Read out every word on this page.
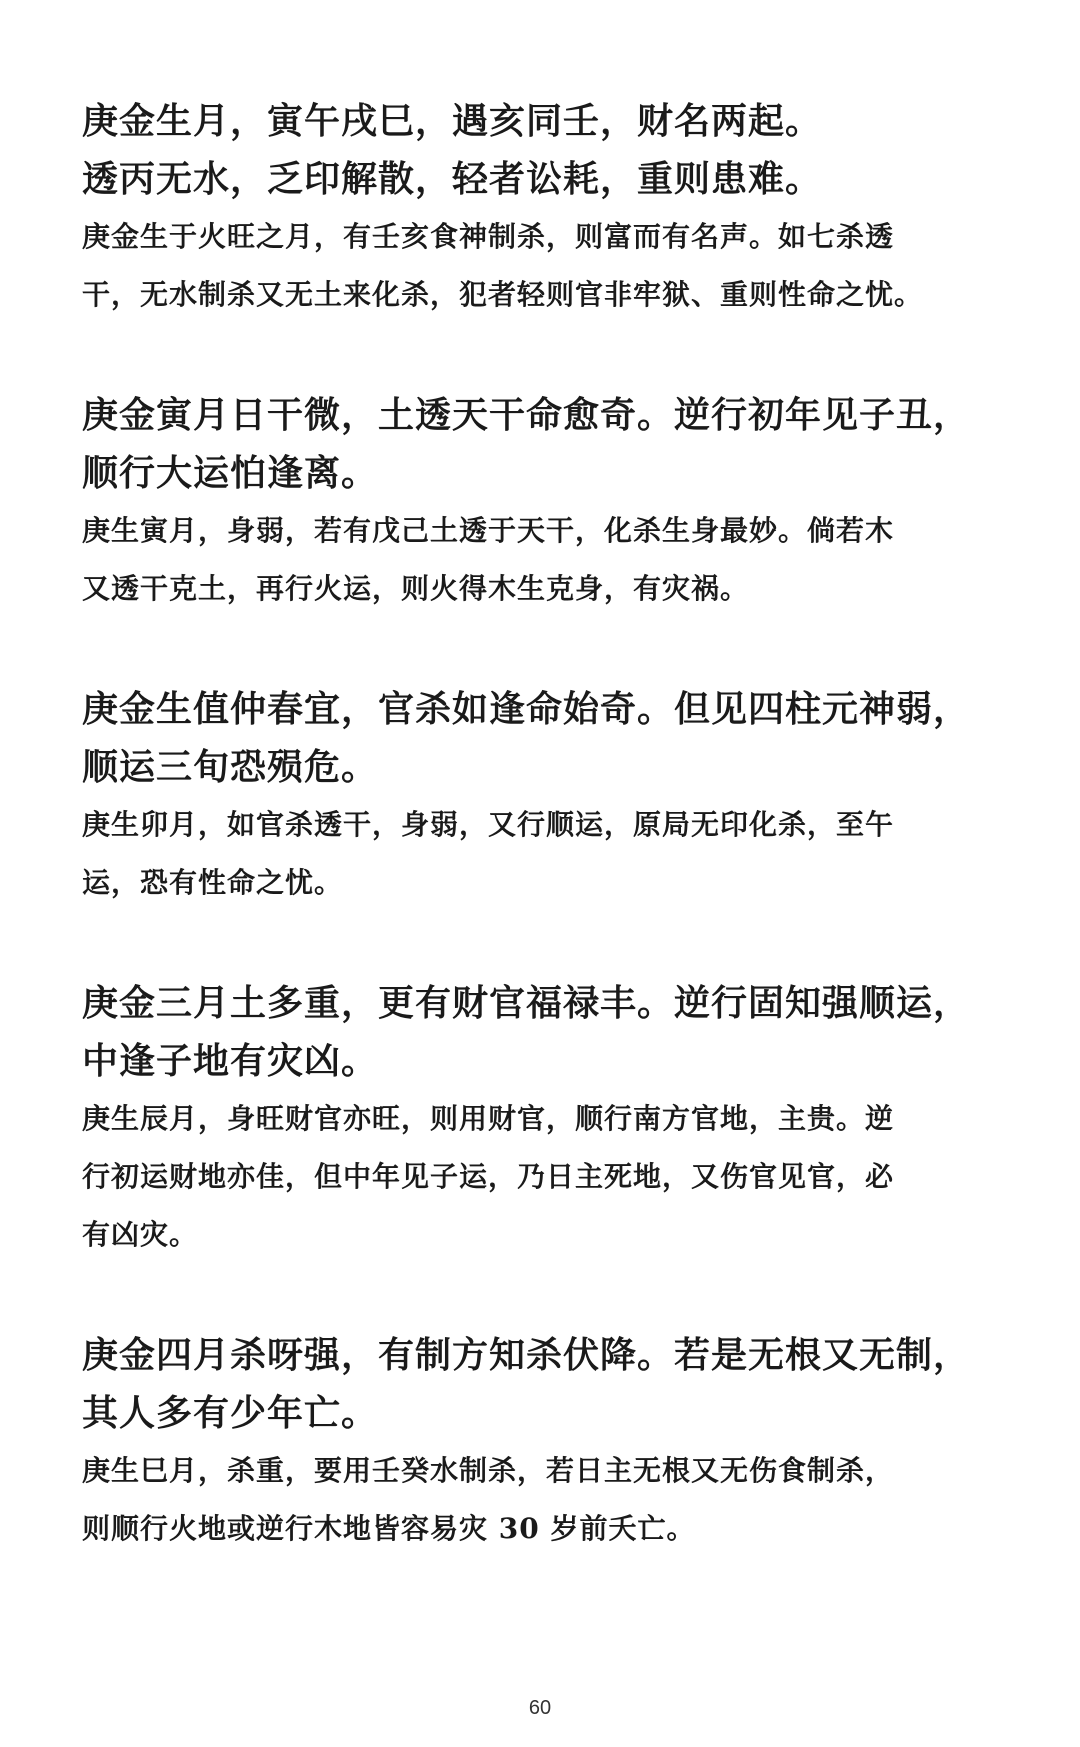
庚金生月，寅午戌巳，遇亥同壬，财名两起。

透丙无水，乏印解散，轻者讼耗，重则患难。

庚金生于火旺之月，有壬亥食神制杀，则富而有名声。如七杀透

干，无水制杀又无土来化杀，犯者轻则官非牢狱、重则性命之忧。

庚金寅月日干微，土透天干命愈奇。逆行初年见子丑，

顺行大运怕逢离。

庚生寅月，身弱，若有戊己土透于天干，化杀生身最妙。倘若木

又透干克土，再行火运，则火得木生克身，有灾祸。

庚金生值仲春宜，官杀如逢命始奇。但见四柱元神弱，

顺运三旬恐殒危。

庚生卯月，如官杀透干，身弱，又行顺运，原局无印化杀，至午

运，恐有性命之忧。

庚金三月土多重，更有财官福禄丰。逆行固知强顺运，

中逢子地有灾凶。

庚生辰月，身旺财官亦旺，则用财官，顺行南方官地，主贵。逆

行初运财地亦佳，但中年见子运，乃日主死地，又伤官见官，必

有凶灾。

庚金四月杀呀强，有制方知杀伏降。若是无根又无制，

其人多有少年亡。

庚生巳月，杀重，要用壬癸水制杀，若日主无根又无伤食制杀，

则顺行火地或逆行木地皆容易灾 30 岁前夭亡。

60
